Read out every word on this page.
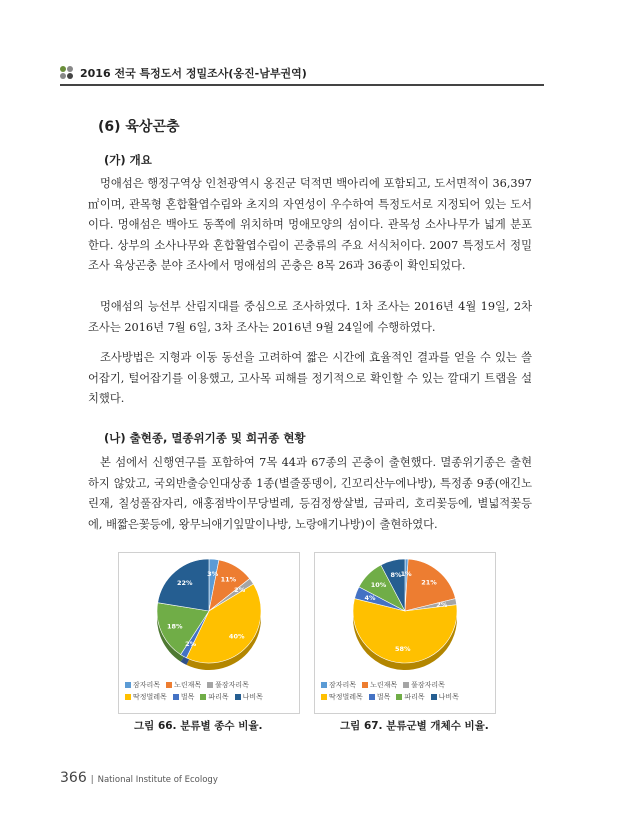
2016 전국 특정도서 정밀조사(옹진-남부권역)
(6) 육상곤충
(가) 개요

멍애섬은 행정구역상 인천광역시 옹진군 덕적면 백아리에 포함되고, 도서면적이 36,397 ㎡이며, 관목형 혼합활엽수림와 초지의 자연성이 우수하여 특정도서로 지정되어 있는 도서이다. 멍애섬은 백아도 동쪽에 위치하며 멍애모양의 섬이다. 관목성 소사나무가 넓게 분포한다. 상부의 소사나무와 혼합활엽수림이 곤충류의 주요 서식처이다. 2007 특정도서 정밀조사 육상곤충 분야 조사에서 멍애섬의 곤충은 8목 26과 36종이 확인되었다.

멍애섬의 능선부 산림지대를 중심으로 조사하였다. 1차 조사는 2016년 4월 19일, 2차 조사는 2016년 7월 6일, 3차 조사는 2016년 9월 24일에 수행하였다.

조사방법은 지형과 이동 동선을 고려하여 짧은 시간에 효율적인 결과를 얻을 수 있는 쓸어잡기, 털어잡기를 이용했고, 고사목 피해를 정기적으로 확인할 수 있는 깔대기 트랩을 설치했다.

(나) 출현종, 멸종위기종 및 희귀종 현황

본 섬에서 신행연구를 포함하여 7목 44과 67종의 곤충이 출현했다. 멸종위기종은 출현하지 않았고, 국외반출승인대상종 1종(별줄풍뎅이, 긴꼬리산누에나방), 특정종 9종(애긴노린재, 칠성풀잠자리, 애홍점박이무당벌레, 등검정쌍살벌, 금파리, 호리꽃등에, 별넓적꽃등에, 배짧은꽃등에, 왕무늬애기잎말이나방, 노랑애기나방)이 출현하였다.

3%
11%
2%
40%
2%
18%
22%
잠자리목 노린재목 풀잠자리목
딱정벌레목 벌목 파리목 나비목
1%
21%
2%
58%
4%
10%
8%
잠자리목 노린재목 풀잠자리목
딱정벌레목 벌목 파리목 나비목
그림 66. 분류별 종수 비율.	그림 67. 분류군별 개체수 비율.
366 | National Institute of Ecology
